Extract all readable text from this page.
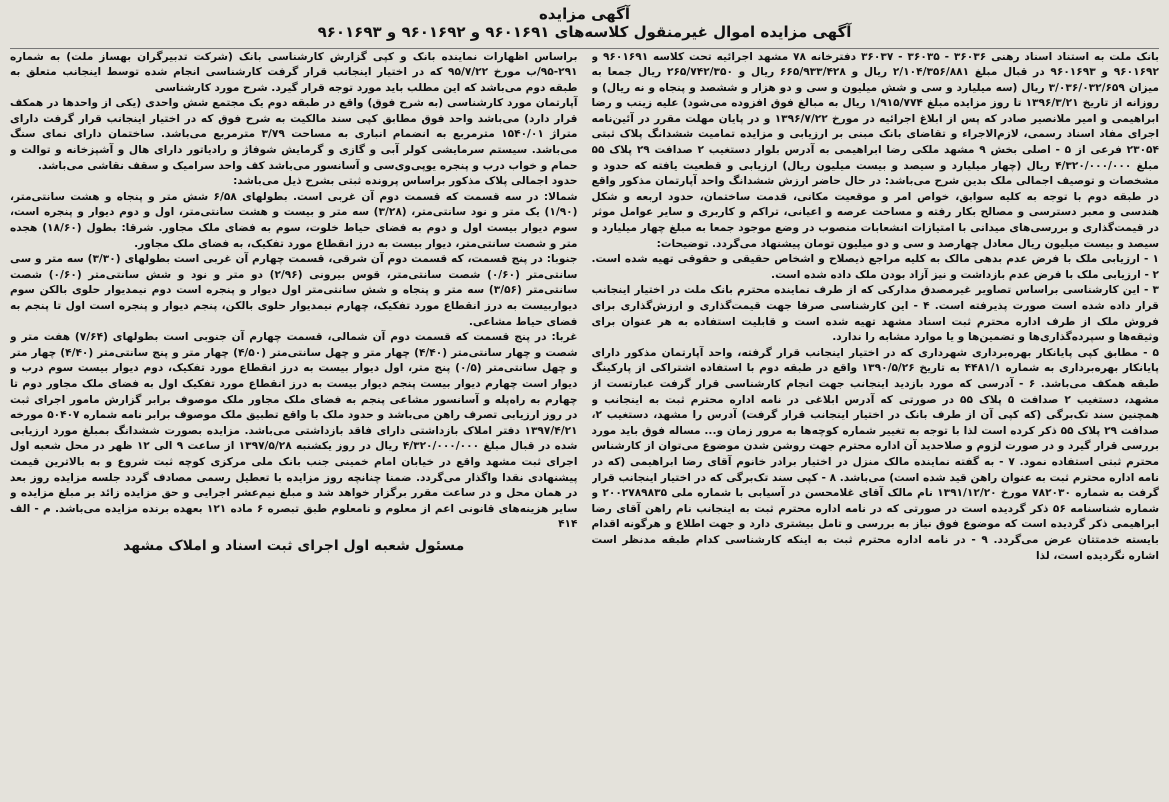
آگهی مزایده
آگهی مزایده اموال غیرمنقول کلاسه‌های ۹۶۰۱۶۹۱ و ۹۶۰۱۶۹۲ و ۹۶۰۱۶۹۳

بانک ملت به استناد اسناد رهنی ۳۶۰۳۶ - ۳۶۰۳۵ - ۳۶۰۳۷ دفترخانه ۷۸ مشهد اجرائیه تحت کلاسه ۹۶۰۱۶۹۱ و ۹۶۰۱۶۹۲ و ۹۶۰۱۶۹۳ در قبال مبلغ ۲/۱۰۴/۳۵۶/۸۸۱ ریال و ۶۶۵/۹۳۳/۴۲۸ ریال و ۲۶۵/۷۴۲/۳۵۰ ریال جمعا به میزان ۳/۰۳۶/۰۳۲/۶۵۹ ریال (سه میلیارد و سی و شش میلیون و سی و دو هزار و ششصد و پنجاه و نه ریال) و روزانه از تاریخ ۱۳۹۶/۳/۲۱ تا روز مزایده مبلغ ۱/۹۱۵/۷۷۴ ریال به مبالغ فوق افزوده می‌شود) علیه زینب و رضا ابراهیمی و امیر ملانصیر صادر که پس از ابلاغ اجرائیه در مورخ ۱۳۹۶/۷/۲۲ و در پایان مهلت مقرر در آئین‌نامه اجرای مفاد اسناد رسمی، لازم‌الاجراء و تقاضای بانک مبنی بر ارزیابی و مزایده تمامیت ششدانگ پلاک ثبتی ۲۳۰۵۴ فرعی از ۵ - اصلی بخش ۹ مشهد ملکی رضا ابراهیمی به آدرس بلوار دستغیب ۲ صدافت ۲۹ پلاک ۵۵ مبلغ ۴/۳۲۰/۰۰۰/۰۰۰ ریال (چهار میلیارد و سیصد و بیست میلیون ریال) ارزیابی و قطعیت یافته که حدود و مشخصات و توصیف اجمالی ملک بدین شرح می‌باشد: در حال حاضر ارزش ششدانگ واحد آپارتمان مذکور واقع در طبقه دوم با توجه به کلیه سوابق، خواص امر و موقعیت مکانی، قدمت ساختمان، حدود اربعه و شکل هندسی و معبر دسترسی و مصالح بکار رفته و مساحت عرصه و اعیانی، تراکم و کاربری و سایر عوامل موثر در قیمت‌گذاری و بررسی‌های میدانی با امتیازات انشعابات منصوب در وضع موجود جمعا به مبلغ چهار میلیارد و سیصد و بیست میلیون ریال معادل چهارصد و سی و دو میلیون تومان پیشنهاد می‌گردد. توضیحات:

۱ - ارزیابی ملک با فرض عدم بدهی مالک به کلیه مراجع ذیصلاح و اشخاص حقیقی و حقوقی تهیه شده است. ۲ - ارزیابی ملک با فرض عدم بازداشت و نیز آزاد بودن ملک داده شده است.

۳ - این کارشناسی براساس تصاویر غیرمصدق مدارکی که از طرف نماینده محترم بانک ملت در اختیار اینجانب قرار داده شده است صورت پذیرفته است. ۴ - این کارشناسی صرفا جهت قیمت‌گذاری و ارزش‌گذاری برای فروش ملک از طرف اداره محترم ثبت اسناد مشهد تهیه شده است و قابلیت استفاده به هر عنوان برای وثیقه‌ها و سپرده‌گذاری‌ها و تضمین‌ها و یا موارد مشابه را ندارد.

۵ - مطابق کپی پایانکار بهره‌برداری شهرداری که در اختیار اینجانب قرار گرفته، واحد آپارتمان مذکور دارای پایانکار بهره‌برداری به شماره ۴۴۸۱/۱ به تاریخ ۱۳۹۰/۵/۲۶ واقع در طبقه دوم با استفاده اشتراکی از پارکینگ طبقه همکف می‌باشد. ۶ - آدرسی که مورد بازدید اینجانب جهت انجام کارشناسی قرار گرفت عبارتست از مشهد، دستغیب ۲ صدافت ۵ پلاک ۵۵ در صورتی که آدرس ابلاغی در نامه اداره محترم ثبت به اینجانب و همچنین سند تک‌برگی (که کپی آن از طرف بانک در اختیار اینجانب قرار گرفت) آدرس را مشهد، دستغیب ۲، صدافت ۲۹ پلاک ۵۵ ذکر کرده است لذا با توجه به تغییر شماره کوچه‌ها به مرور زمان و... مساله فوق باید مورد بررسی قرار گیرد و در صورت لزوم و صلاحدید آن اداره محترم جهت روشن شدن موضوع می‌توان از کارشناس محترم ثبتی استفاده نمود. ۷ - به گفته نماینده مالک منزل در اختیار برادر خانوم آقای رضا ابراهیمی (که در نامه اداره محترم ثبت به عنوان راهن قید شده است) می‌باشد. ۸ - کپی سند تک‌برگی که در اختیار اینجانب قرار گرفت به شماره ۷۸۲۰۳۰ مورخ ۱۳۹۱/۱۲/۲۰ نام مالک آقای غلامحسن در آسیابی با شماره ملی ۲۰۰۲۷۸۹۸۳۵ و شماره شناسنامه ۵۶ ذکر گردیده است در صورتی که در نامه اداره محترم ثبت به اینجانب نام راهن آقای رضا ابراهیمی ذکر گردیده است که موضوع فوق نیاز به بررسی و تامل بیشتری دارد و جهت اطلاع و هرگونه اقدام بایسته خدمتتان عرض می‌گردد. ۹ - در نامه اداره محترم ثبت به اینکه کارشناسی کدام طبقه مدنظر است اشاره نگردیده است، لذا

براساس اظهارات نماینده بانک و کپی گزارش کارشناسی بانک (شرکت تدبیرگران بهساز ملت) به شماره ۲۹۱-۹۵/ب مورخ ۹۵/۷/۲۲ که در اختیار اینجانب قرار گرفت کارشناسی انجام شده توسط اینجانب متعلق به طبقه دوم می‌باشد که این مطلب باید مورد توجه قرار گیرد. شرح مورد کارشناسی

آپارتمان مورد کارشناسی (به شرح فوق) واقع در طبقه دوم یک مجتمع شش واحدی (یکی از واحدها در همکف قرار دارد) می‌باشد واحد فوق مطابق کپی سند مالکیت به شرح فوق که در اختیار اینجانب قرار گرفت دارای متراژ ۱۵۴۰/۰۱ مترمربع به انضمام انباری به مساحت ۳/۷۹ مترمربع می‌باشد. ساختمان دارای نمای سنگ می‌باشد. سیستم سرمایشی کولر آبی و گازی و گرمایش شوفاژ و رادیاتور دارای هال و آشپزخانه و توالت و حمام و خواب درب و پنجره یوپی‌وی‌سی و آسانسور می‌باشد کف واحد سرامیک و سقف نقاشی می‌باشد.

حدود اجمالی پلاک مذکور براساس پرونده ثبتی بشرح ذیل می‌باشد:

شمالا: در سه قسمت که قسمت دوم آن غربی است. بطولهای ۶/۵۸ شش متر و پنجاه و هشت سانتی‌متر، (۱/۹۰) یک متر و نود سانتی‌متر، (۳/۲۸) سه متر و بیست و هشت سانتی‌متر، اول و دوم دیوار و پنجره است، سوم دیوار بیست اول و دوم به فضای حیاط خلوت، سوم به فضای ملک مجاور. شرقا: بطول (۱۸/۶۰) هجده متر و شصت سانتی‌متر، دیوار بیست به درز انقطاع مورد تفکیک، به فضای ملک مجاور.

جنوبا: در پنج قسمت، که قسمت دوم آن شرقی، قسمت چهارم آن غربی است بطولهای (۳/۳۰) سه متر و سی سانتی‌متر (۰/۶۰) شصت سانتی‌متر، قوس بیرونی (۲/۹۶) دو متر و نود و شش سانتی‌متر (۰/۶۰) شصت سانتی‌متر (۳/۵۶) سه متر و پنجاه و شش سانتی‌متر اول دیوار و پنجره است دوم نیمدیوار حلوی بالکن سوم دیواربیست به درز انقطاع مورد تفکیک، چهارم نیمدیوار حلوی بالکن، پنجم دیوار و پنجره است اول تا پنجم به فضای حیاط مشاعی.

غربا: در پنج قسمت که قسمت دوم آن شمالی، قسمت چهارم آن جنوبی است بطولهای (۷/۶۴) هفت متر و شصت و چهار سانتی‌متر (۴/۴۰) چهار متر و چهل سانتی‌متر (۴/۵۰) چهار متر و پنج سانتی‌متر (۴/۴۰) چهار متر و چهل سانتی‌متر (۰/۵) پنج متر، اول دیوار بیست به درز انقطاع مورد تفکیک، دوم دیوار بیست سوم درب و دیوار است چهارم دیوار بیست پنجم دیوار بیست به درز انقطاع مورد تفکیک اول به فضای ملک مجاور دوم تا چهارم به راه‌پله و آسانسور مشاعی پنجم به فضای ملک مجاور ملک موصوف برابر گزارش مامور اجرای ثبت در روز ارزیابی تصرف راهن می‌باشد و حدود ملک با واقع تطبیق ملک موصوف برابر نامه شماره ۵۰۴۰۷ مورخه ۱۳۹۷/۴/۲۱ دفتر املاک بازداشتی دارای فاقد بازداشتی می‌باشد. مزایده بصورت ششدانگ بمبلغ مورد ارزیابی شده در قبال مبلغ ۴/۳۲۰/۰۰۰/۰۰۰ ریال در روز یکشنبه ۱۳۹۷/۵/۲۸ از ساعت ۹ الی ۱۲ ظهر در محل شعبه اول اجرای ثبت مشهد واقع در خیابان امام خمینی جنب بانک ملی مرکزی کوچه ثبت شروع و به بالاترین قیمت پیشنهادی نقدا واگذار می‌گردد. ضمنا چنانچه روز مزایده با تعطیل رسمی مصادف گردد جلسه مزایده روز بعد در همان محل و در ساعت مقرر برگزار خواهد شد و مبلغ نیم‌عشر اجرایی و حق مزایده زائد بر مبلغ مزایده و سایر هزینه‌های قانونی اعم از معلوم و نامعلوم طبق تبصره ۶ ماده ۱۲۱ بعهده برنده مزایده می‌باشد. م - الف ۴۱۴

مسئول شعبه اول اجرای ثبت اسناد و املاک مشهد
